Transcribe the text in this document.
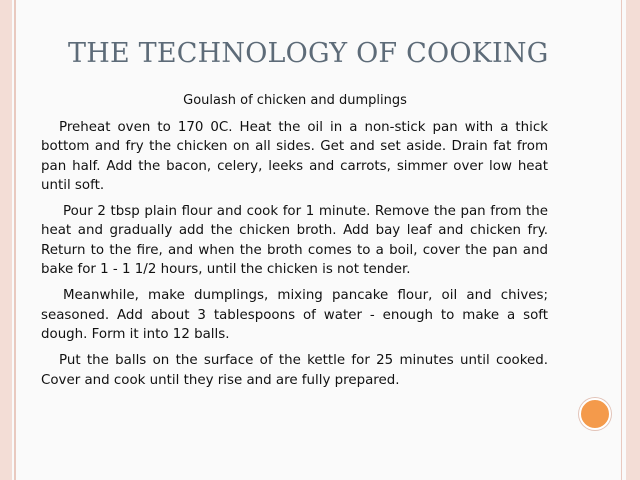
THE TECHNOLOGY OF COOKING
Goulash of chicken and dumplings

Preheat oven to 170 0C. Heat the oil in a non-stick pan with a thick bottom and fry the chicken on all sides. Get and set aside. Drain fat from pan half. Add the bacon, celery, leeks and carrots, simmer over low heat until soft.

Pour 2 tbsp plain flour and cook for 1 minute. Remove the pan from the heat and gradually add the chicken broth. Add bay leaf and chicken fry. Return to the fire, and when the broth comes to a boil, cover the pan and bake for 1 - 1 1/2 hours, until the chicken is not tender.

Meanwhile, make dumplings, mixing pancake flour, oil and chives; seasoned. Add about 3 tablespoons of water - enough to make a soft dough. Form it into 12 balls.

Put the balls on the surface of the kettle for 25 minutes until cooked. Cover and cook until they rise and are fully prepared.
